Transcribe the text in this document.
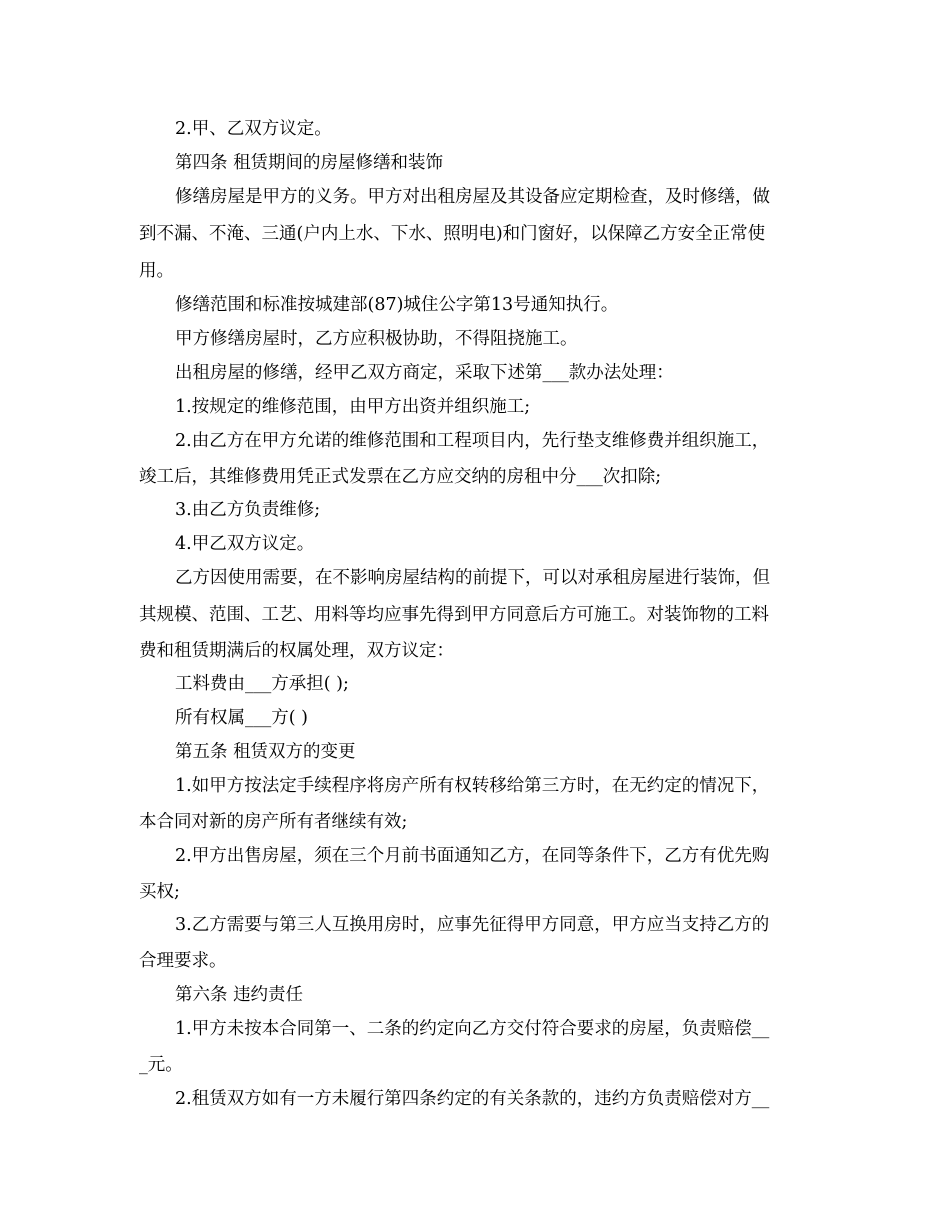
2.甲、乙双方议定。
第四条 租赁期间的房屋修缮和装饰
修缮房屋是甲方的义务。甲方对出租房屋及其设备应定期检查，及时修缮，做
到不漏、不淹、三通(户内上水、下水、照明电)和门窗好，以保障乙方安全正常使
用。
修缮范围和标准按城建部(87)城住公字第13号通知执行。
甲方修缮房屋时，乙方应积极协助，不得阻挠施工。
出租房屋的修缮，经甲乙双方商定，采取下述第___款办法处理：
1.按规定的维修范围，由甲方出资并组织施工;
2.由乙方在甲方允诺的维修范围和工程项目内，先行垫支维修费并组织施工，
竣工后，其维修费用凭正式发票在乙方应交纳的房租中分___次扣除;
3.由乙方负责维修;
4.甲乙双方议定。
乙方因使用需要，在不影响房屋结构的前提下，可以对承租房屋进行装饰，但
其规模、范围、工艺、用料等均应事先得到甲方同意后方可施工。对装饰物的工料
费和租赁期满后的权属处理，双方议定：
工料费由___方承担( );
所有权属___方( )
第五条 租赁双方的变更
1.如甲方按法定手续程序将房产所有权转移给第三方时，在无约定的情况下，
本合同对新的房产所有者继续有效;
2.甲方出售房屋，须在三个月前书面通知乙方，在同等条件下，乙方有优先购
买权;
3.乙方需要与第三人互换用房时，应事先征得甲方同意，甲方应当支持乙方的
合理要求。
第六条 违约责任
1.甲方未按本合同第一、二条的约定向乙方交付符合要求的房屋，负责赔偿__
_元。
2.租赁双方如有一方未履行第四条约定的有关条款的，违约方负责赔偿对方__
